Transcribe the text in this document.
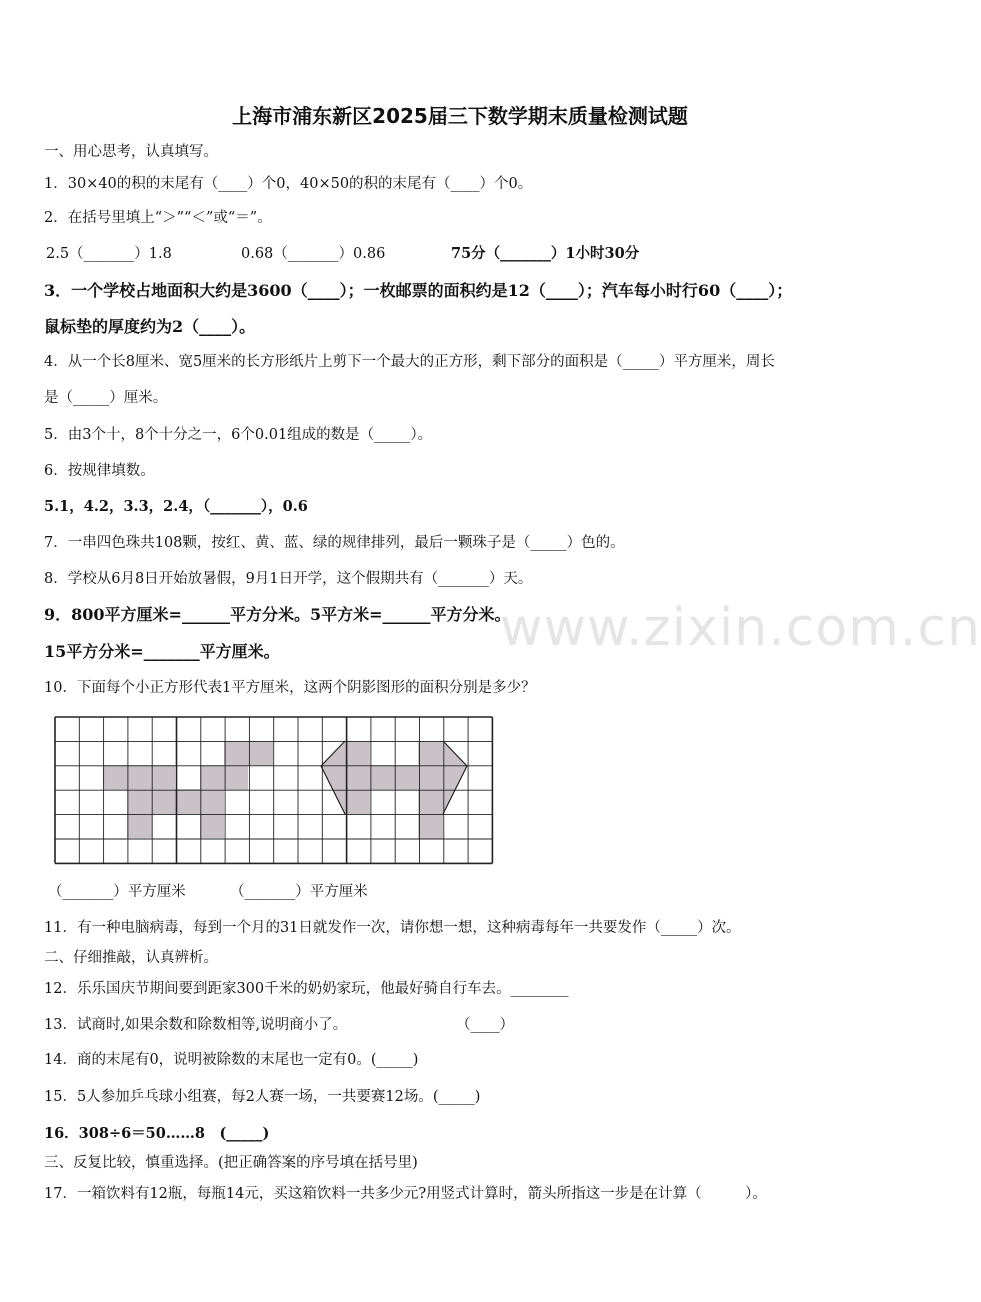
www.zixin.com.cn
上海市浦东新区2025届三下数学期末质量检测试题
一、用心思考，认真填写。
1．30×40的积的末尾有（____）个0，40×50的积的末尾有（____）个0。
2．在括号里填上“＞”“＜”或“＝”。
2.5（_______）1.8	0.68（_______）0.86	75分（_______）1小时30分
3．一个学校占地面积大约是3600（____）；一枚邮票的面积约是12（____）；汽车每小时行60（____）；
鼠标垫的厚度约为2（____）。
4．从一个长8厘米、宽5厘米的长方形纸片上剪下一个最大的正方形，剩下部分的面积是（_____）平方厘米，周长
是（_____）厘米。
5．由3个十，8个十分之一，6个0.01组成的数是（_____）。
6．按规律填数。
5.1，4.2，3.3，2.4，（_______），0.6
7．一串四色珠共108颗，按红、黄、蓝、绿的规律排列，最后一颗珠子是（_____）色的。
8．学校从6月8日开始放暑假，9月1日开学，这个假期共有（_______）天。
9．800平方厘米=______平方分米。5平方米=______平方分米。
15平方分米=_______平方厘米。
10．下面每个小正方形代表1平方厘米，这两个阴影图形的面积分别是多少？
（_______）平方厘米	（_______）平方厘米
11．有一种电脑病毒，每到一个月的31日就发作一次，请你想一想，这种病毒每年一共要发作（_____）次。
二、仔细推敲，认真辨析。
12．乐乐国庆节期间要到距家300千米的奶奶家玩，他最好骑自行车去。________
13．试商时,如果余数和除数相等,说明商小了。	（____）
14．商的末尾有0，说明被除数的末尾也一定有0。(_____)
15．5人参加乒乓球小组赛，每2人赛一场，一共要赛12场。(_____)
16．308÷6＝50……8　(_____)
三、反复比较，慎重选择。(把正确答案的序号填在括号里)
17．一箱饮料有12瓶，每瓶14元，买这箱饮料一共多少元?用竖式计算时，箭头所指这一步是在计算（　　　）。
